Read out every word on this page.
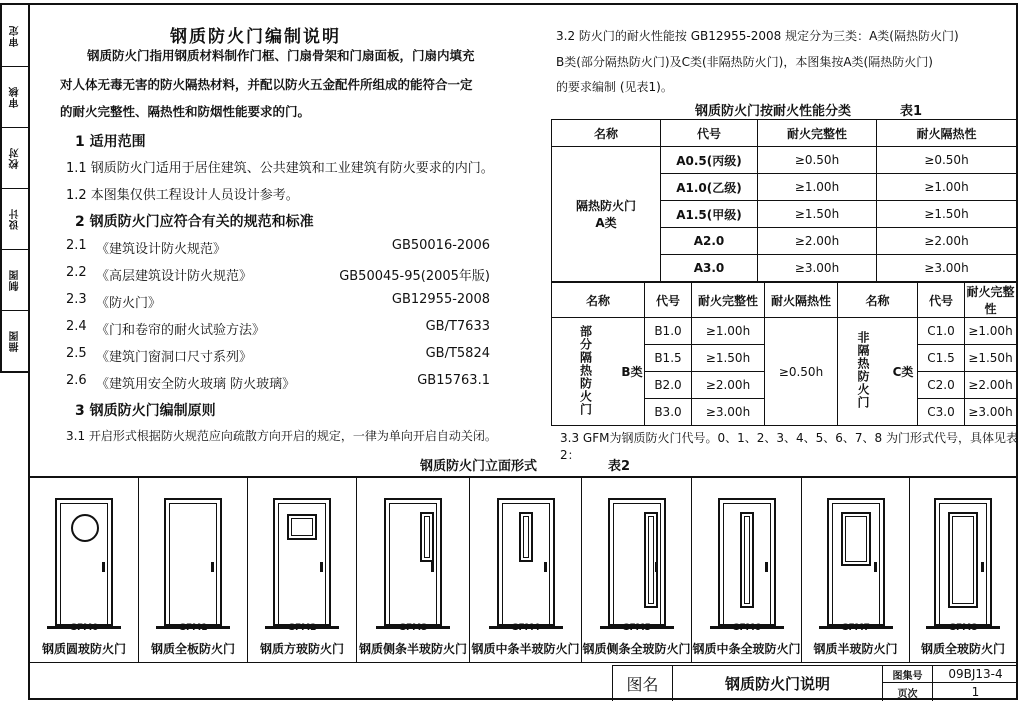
审定
审核
校对
设计
制图
描图
钢质防火门编制说明
钢质防火门指用钢质材料制作门框、门扇骨架和门扇面板，门扇内填充
对人体无毒无害的防火隔热材料，并配以防火五金配件所组成的能符合一定
的耐火完整性、隔热性和防烟性能要求的门。
1 适用范围
1.1 钢质防火门适用于居住建筑、公共建筑和工业建筑有防火要求的内门。
1.2 本图集仅供工程设计人员设计参考。
2 钢质防火门应符合有关的规范和标准
2.1 《建筑设计防火规范》	GB50016-2006
2.2 《高层建筑设计防火规范》	GB50045-95(2005年版)
2.3 《防火门》	GB12955-2008
2.4 《门和卷帘的耐火试验方法》	GB/T7633
2.5 《建筑门窗洞口尺寸系列》	GB/T5824
2.6 《建筑用安全防火玻璃 防火玻璃》	GB15763.1
3 钢质防火门编制原则
3.1 开启形式根据防火规范应向疏散方向开启的规定，一律为单向开启自动关闭。
3.2 防火门的耐火性能按 GB12955-2008 规定分为三类：A类(隔热防火门)
B类(部分隔热防火门)及C类(非隔热防火门)，本图集按A类(隔热防火门)
的要求编制 (见表1)。
钢质防火门按耐火性能分类	表1
名称	代号	耐火完整性	耐火隔热性
隔热防火门
A类	A0.5(丙级)	≥0.50h	≥0.50h
	A1.0(乙级)	≥1.00h	≥1.00h
	A1.5(甲级)	≥1.50h	≥1.50h
	A2.0	≥2.00h	≥2.00h
	A3.0	≥3.00h	≥3.00h
名称		代号	耐火完整性	耐火隔热性	名称		代号	耐火完整性
部分隔热防火门	B类	B1.0	≥1.00h	≥0.50h	非隔热防火门	C类	C1.0	≥1.00h
		B1.5	≥1.50h				C1.5	≥1.50h
		B2.0	≥2.00h				C2.0	≥2.00h
		B3.0	≥3.00h				C3.0	≥3.00h
3.3 GFM为钢质防火门代号。0、1、2、3、4、5、6、7、8 为门形式代号，具体见表2：
钢质防火门立面形式	表2
GFM0
钢质圆玻防火门
GFM1
钢质全板防火门
GFM2
钢质方玻防火门
GFM3
钢质侧条半玻防火门
GFM4
钢质中条半玻防火门
GFM5
钢质侧条全玻防火门
GFM6
钢质中条全玻防火门
GFM7
钢质半玻防火门
GFM8
钢质全玻防火门
图名	钢质防火门说明	图集号	09BJ13-4
页次	1
